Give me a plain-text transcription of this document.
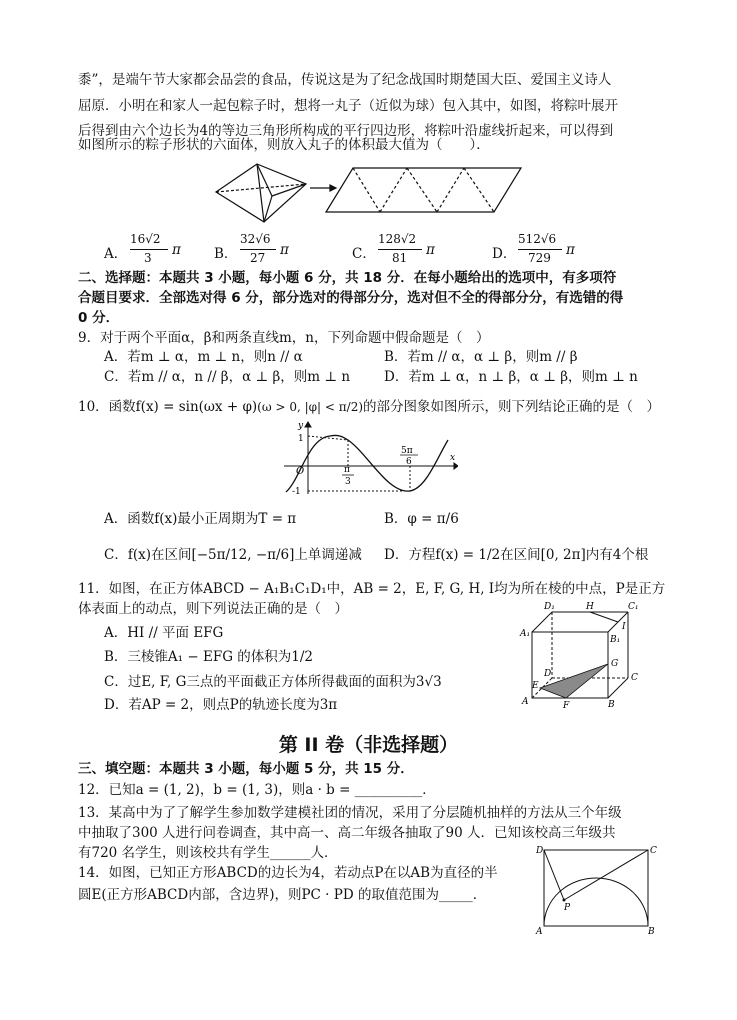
黍”，是端午节大家都会品尝的食品，传说这是为了纪念战国时期楚国大臣、爱国主义诗人
屈原．小明在和家人一起包粽子时，想将一丸子（近似为球）包入其中，如图，将粽叶展开
后得到由六个边长为4的等边三角形所构成的平行四边形，将粽叶沿虚线折起来，可以得到
如图所示的粽子形状的六面体，则放入丸子的体积最大值为（　　）．
A．
16√2
3 π B．
32√6
27 π	C．
128√2
81 π	D．
512√6
729 π
二、选择题：本题共 3 小题，每小题 6 分，共 18 分．在每小题给出的选项中，有多项符
合题目要求．全部选对得 6 分，部分选对的得部分分，选对但不全的得部分分，有选错的得
0 分．
9．对于两个平面α，β和两条直线m，n，下列命题中假命题是（　）
A．若m ⊥ α，m ⊥ n，则n // α	B．若m // α，α ⊥ β，则m // β
C．若m // α，n // β，α ⊥ β，则m ⊥ n	D．若m ⊥ α，n ⊥ β，α ⊥ β，则m ⊥ n
10．函数f(x) = sin(ωx + φ)(ω > 0, |φ| < π/2)的部分图象如图所示，则下列结论正确的是（　）
y
x
1
-1
O	π
3
5π
6
A．函数f(x)最小正周期为T = π	B．φ = π/6
C．f(x)在区间[−5π/12, −π/6]上单调递减 D．方程f(x) = 1/2在区间[0, 2π]内有4个根
11．如图，在正方体ABCD − A₁B₁C₁D₁中，AB = 2，E, F, G, H, I均为所在棱的中点，P是正方
体表面上的动点，则下列说法正确的是（　）
A．HI // 平面 EFG
B．三棱锥A₁ − EFG 的体积为1/2
C．过E, F, G三点的平面截正方体所得截面的面积为3√3
D．若AP = 2，则点P的轨迹长度为3π
D₁	H	C₁
I
A₁
B₁
D	C
G
E
A	F	B
第 II 卷（非选择题）
三、填空题：本题共 3 小题，每小题 5 分，共 15 分．
12．已知a = (1, 2)，b = (1, 3)，则a · b = __________．
13．某高中为了了解学生参加数学建模社团的情况，采用了分层随机抽样的方法从三个年级
中抽取了300 人进行问卷调查，其中高一、高二年级各抽取了90 人．已知该校高三年级共
有720 名学生，则该校共有学生______人．
14．如图，已知正方形ABCD的边长为4，若动点P在以AB为直径的半
圆E(正方形ABCD内部，含边界)，则PC · PD 的取值范围为_____．
D	C
P
A	B
